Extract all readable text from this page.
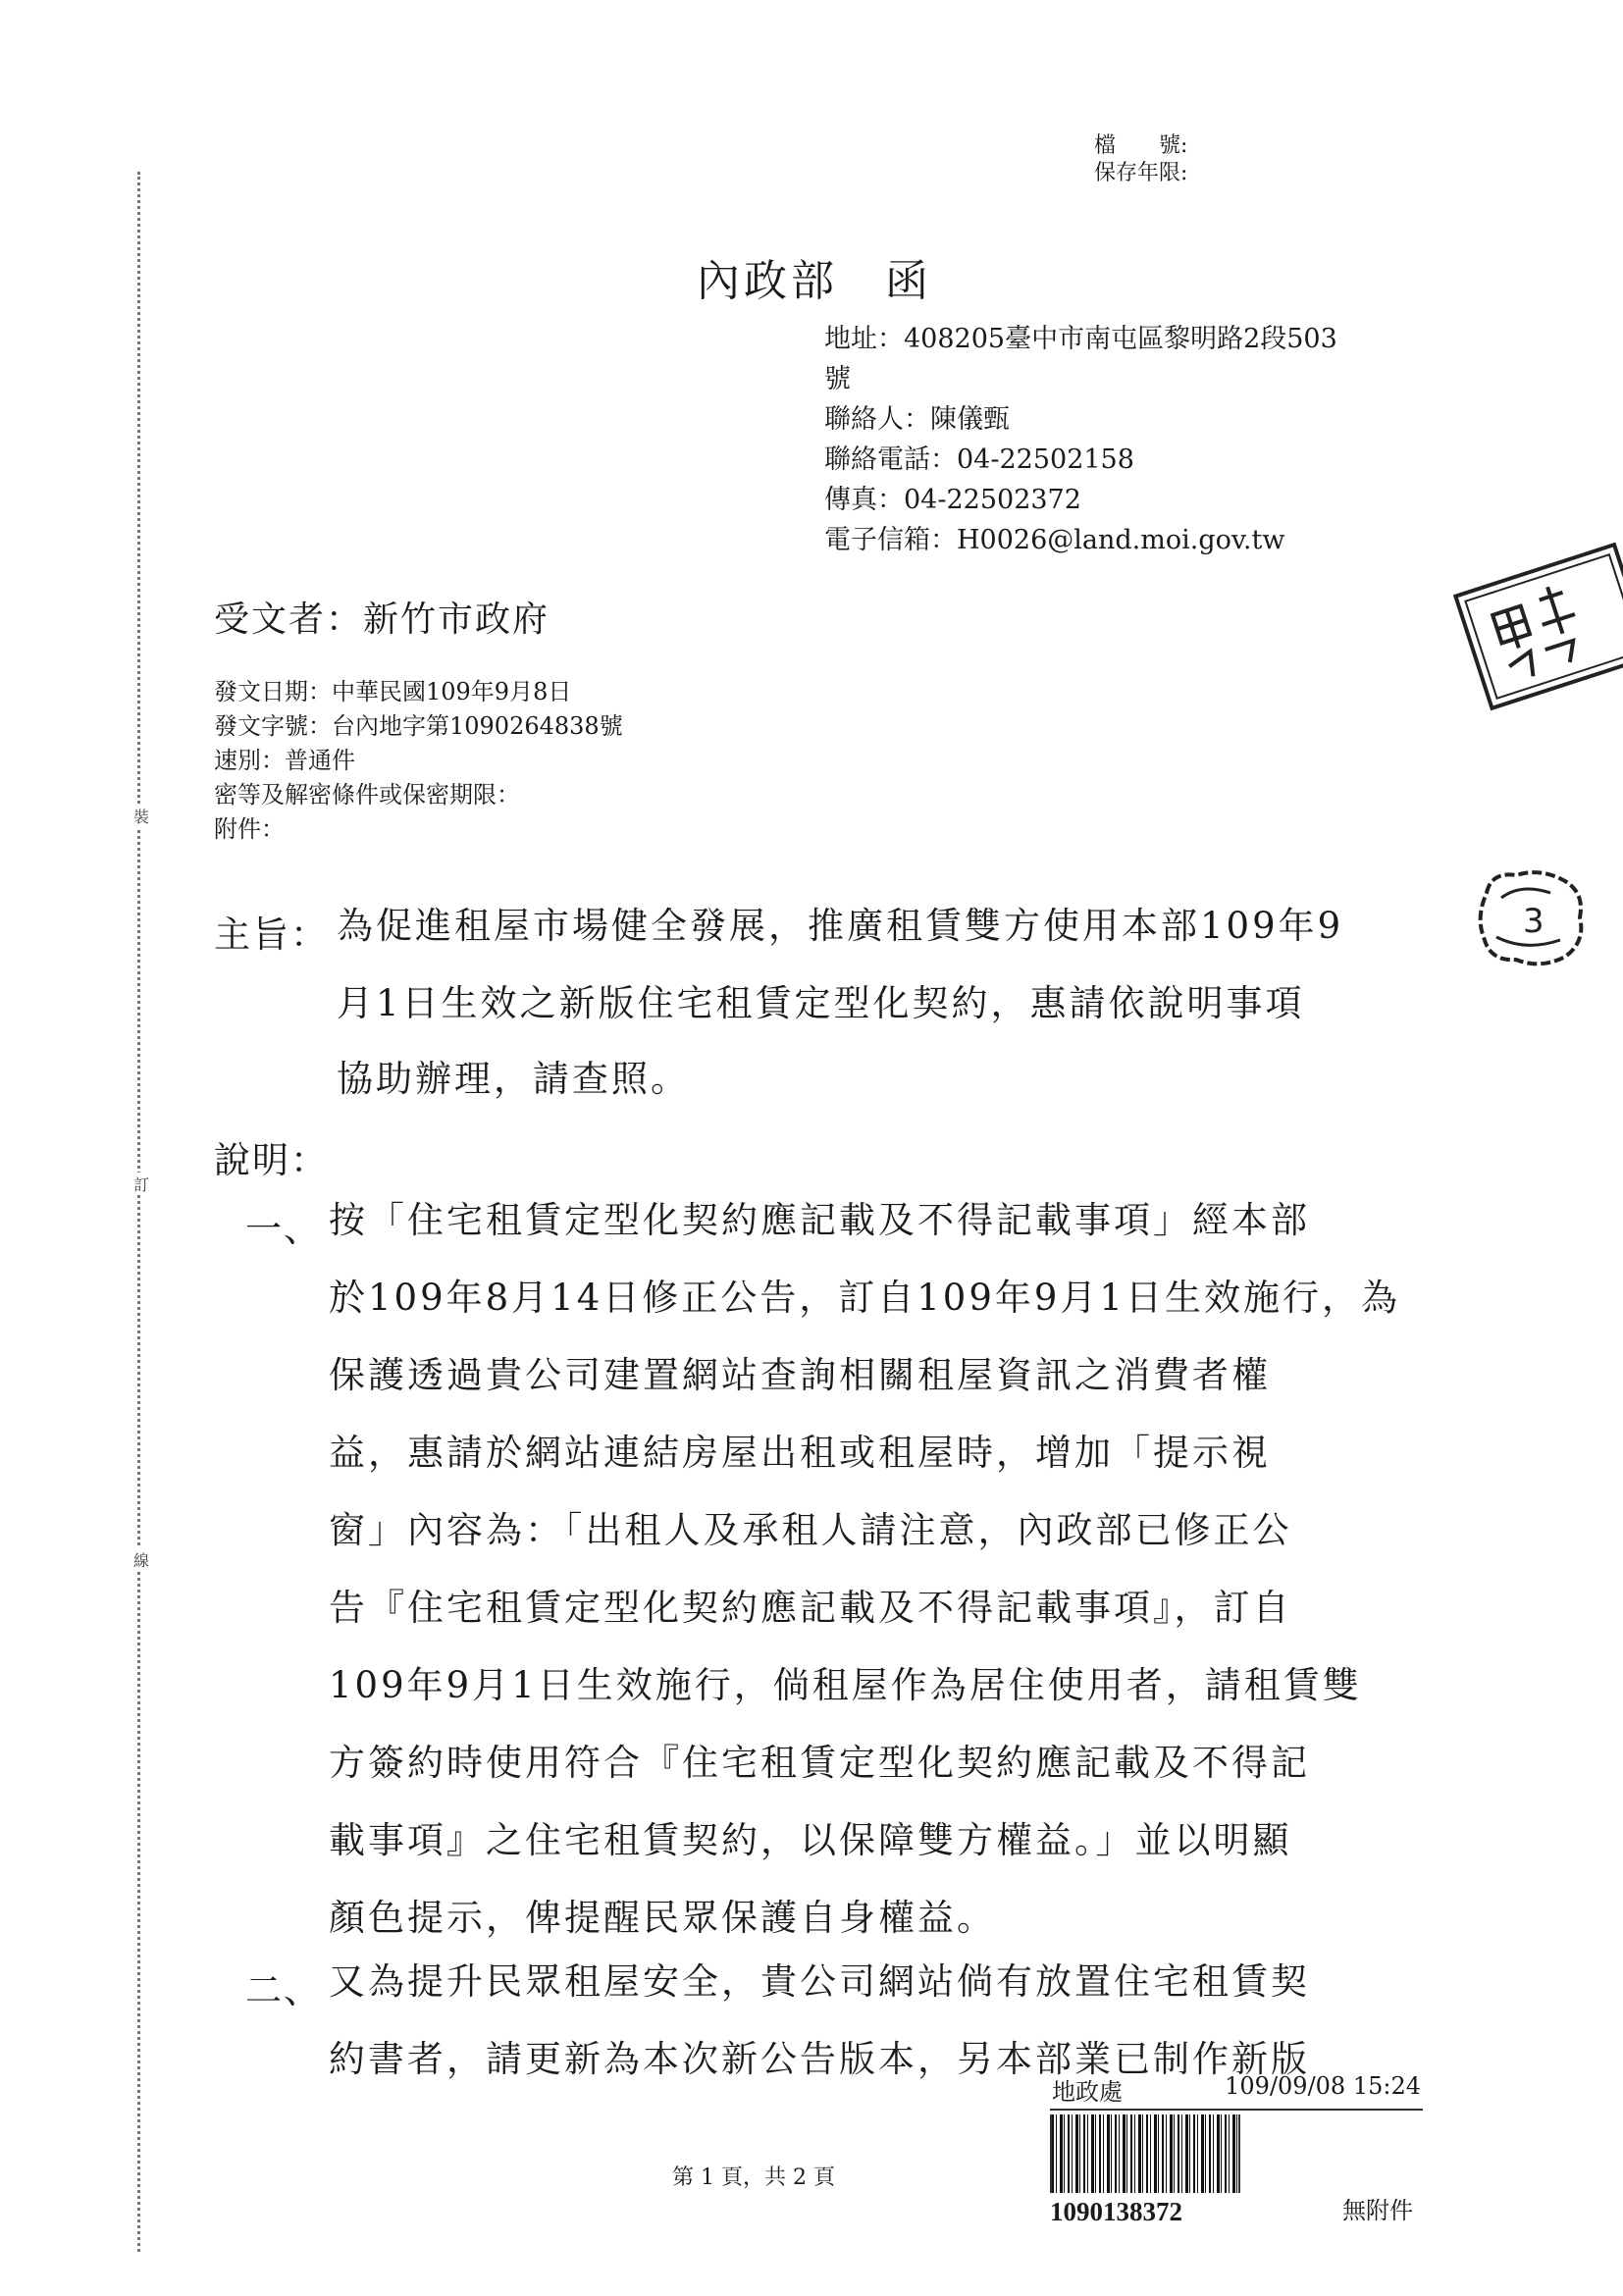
裝
訂
線
檔　　號:
保存年限:
內政部　函
地址：408205臺中市南屯區黎明路2段503
號
聯絡人：陳儀甄
聯絡電話：04-22502158
傳真：04-22502372
電子信箱：H0026@land.moi.gov.tw
受文者：新竹市政府
發文日期：中華民國109年9月8日
發文字號：台內地字第1090264838號
速別：普通件
密等及解密條件或保密期限：
附件：
主旨： 為促進租屋市場健全發展，推廣租賃雙方使用本部109年9
月1日生效之新版住宅租賃定型化契約，惠請依說明事項
協助辦理，請查照。
說明：
一、 按「住宅租賃定型化契約應記載及不得記載事項」經本部
於109年8月14日修正公告，訂自109年9月1日生效施行，為
保護透過貴公司建置網站查詢相關租屋資訊之消費者權
益，惠請於網站連結房屋出租或租屋時，增加「提示視
窗」內容為：「出租人及承租人請注意，內政部已修正公
告『住宅租賃定型化契約應記載及不得記載事項』，訂自
109年9月1日生效施行，倘租屋作為居住使用者，請租賃雙
方簽約時使用符合『住宅租賃定型化契約應記載及不得記
載事項』之住宅租賃契約，以保障雙方權益。」並以明顯
顏色提示，俾提醒民眾保護自身權益。
二、 又為提升民眾租屋安全，貴公司網站倘有放置住宅租賃契
約書者，請更新為本次新公告版本，另本部業已制作新版
第 1 頁，共 2 頁
3
地政處	109/09/08 15:24
1090138372	無附件
